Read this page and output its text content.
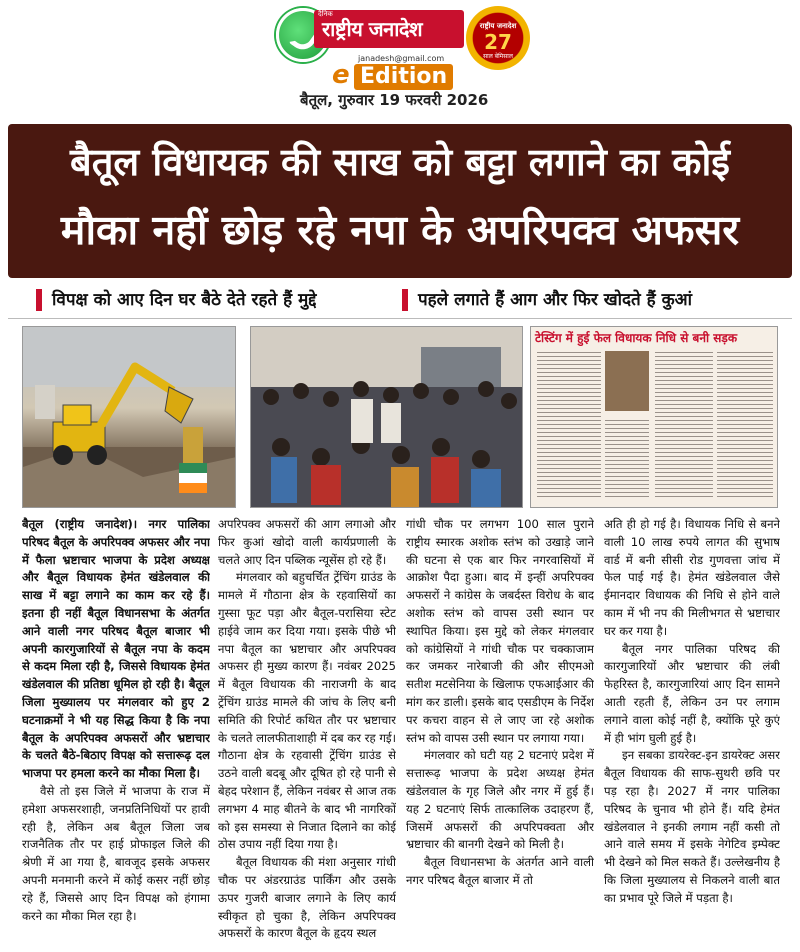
दैनिक
राष्ट्रीय जनादेश
janadesh@gmail.com
e Edition
राष्ट्रीय जनादेश
27
साल बेमिसाल
बैतूल, गुरुवार 19 फरवरी 2026
बैतूल विधायक की साख को बट्टा लगाने का कोई
मौका नहीं छोड़ रहे नपा के अपरिपक्व अफसर
विपक्ष को आए दिन घर बैठे देते रहते हैं मुद्दे	पहले लगाते हैं आग और फिर खोदते हैं कुआं
टेस्टिंग में हुई फेल विधायक निधि से बनी सड़क

बैतूल (राष्ट्रीय जनादेश)। नगर पालिका परिषद बैतूल के अपरिपक्व अफसर और नपा में फैला भ्रष्टाचार भाजपा के प्रदेश अध्यक्ष और बैतूल विधायक हेमंत खंडेलवाल की साख में बट्टा लगाने का काम कर रहे हैं। इतना ही नहीं बैतूल विधानसभा के अंतर्गत आने वाली नगर परिषद बैतूल बाजार भी अपनी कारगुजारियों से बैतूल नपा के कदम से कदम मिला रही है, जिससे विधायक हेमंत खंडेलवाल की प्रतिष्ठा धूमिल हो रही है। बैतूल जिला मुख्यालय पर मंगलवार को हुए 2 घटनाक्रमों ने भी यह सिद्ध किया है कि नपा बैतूल के अपरिपक्व अफसरों और भ्रष्टाचार के चलते बैठे-बिठाए विपक्ष को सत्तारूढ़ दल भाजपा पर हमला करने का मौका मिला है।

वैसे तो इस जिले में भाजपा के राज में हमेशा अफसरशाही, जनप्रतिनिधियों पर हावी रही है, लेकिन अब बैतूल जिला जब राजनैतिक तौर पर हाई प्रोफाइल जिले की श्रेणी में आ गया है, बावजूद इसके अफसर अपनी मनमानी करने में कोई कसर नहीं छोड़ रहे हैं, जिससे आए दिन विपक्ष को हंगामा करने का मौका मिल रहा है।

अपरिपक्व अफसरों की आग लगाओ और फिर कुआं खोदो वाली कार्यप्रणाली के चलते आए दिन पब्लिक न्यूसेंस हो रहे हैं।

मंगलवार को बहुचर्चित ट्रेंचिंग ग्राउंड के मामले में गौठाना क्षेत्र के रहवासियों का गुस्सा फूट पड़ा और बैतूल-परासिया स्टेट हाईवे जाम कर दिया गया। इसके पीछे भी नपा बैतूल का भ्रष्टाचार और अपरिपक्व अफसर ही मुख्य कारण हैं। नवंबर 2025 में बैतूल विधायक की नाराजगी के बाद ट्रेंचिंग ग्राउंड मामले की जांच के लिए बनी समिति की रिपोर्ट कथित तौर पर भ्रष्टाचार के चलते लालफीताशाही में दब कर रह गई। गौठाना क्षेत्र के रहवासी ट्रेंचिंग ग्राउंड से उठने वाली बदबू और दूषित हो रहे पानी से बेहद परेशान हैं, लेकिन नवंबर से आज तक लगभग 4 माह बीतने के बाद भी नागरिकों को इस समस्या से निजात दिलाने का कोई ठोस उपाय नहीं दिया गया है।

बैतूल विधायक की मंशा अनुसार गांधी चौक पर अंडरग्राउंड पार्किंग और उसके ऊपर गुजरी बाजार लगाने के लिए कार्य स्वीकृत हो चुका है, लेकिन अपरिपक्व अफसरों के कारण बैतूल के हृदय स्थल

गांधी चौक पर लगभग 100 साल पुराने राष्ट्रीय स्मारक अशोक स्तंभ को उखाड़े जाने की घटना से एक बार फिर नगरवासियों में आक्रोश पैदा हुआ। बाद में इन्हीं अपरिपक्व अफसरों ने कांग्रेस के जबर्दस्त विरोध के बाद अशोक स्तंभ को वापस उसी स्थान पर स्थापित किया। इस मुद्दे को लेकर मंगलवार को कांग्रेसियों ने गांधी चौक पर चक्काजाम कर जमकर नारेबाजी की और सीएमओ सतीश मटसेनिया के खिलाफ एफआईआर की मांग कर डाली। इसके बाद एसडीएम के निर्देश पर कचरा वाहन से ले जाए जा रहे अशोक स्तंभ को वापस उसी स्थान पर लगाया गया।

मंगलवार को घटी यह 2 घटनाएं प्रदेश में सत्तारूढ़ भाजपा के प्रदेश अध्यक्ष हेमंत खंडेलवाल के गृह जिले और नगर में हुई हैं। यह 2 घटनाएं सिर्फ तात्कालिक उदाहरण हैं, जिसमें अफसरों की अपरिपक्वता और भ्रष्टाचार की बानगी देखने को मिली है।

बैतूल विधानसभा के अंतर्गत आने वाली नगर परिषद बैतूल बाजार में तो

अति ही हो गई है। विधायक निधि से बनने वाली 10 लाख रुपये लागत की सुभाष वार्ड में बनी सीसी रोड गुणवत्ता जांच में फेल पाई गई है। हेमंत खंडेलवाल जैसे ईमानदार विधायक की निधि से होने वाले काम में भी नप की मिलीभगत से भ्रष्टाचार घर कर गया है।

बैतूल नगर पालिका परिषद की कारगुजारियों और भ्रष्टाचार की लंबी फेहरिस्त है, कारगुजारियां आए दिन सामने आती रहती हैं, लेकिन उन पर लगाम लगाने वाला कोई नहीं है, क्योंकि पूरे कुएं में ही भांग घुली हुई है।

इन सबका डायरेक्ट-इन डायरेक्ट असर बैतूल विधायक की साफ-सुथरी छवि पर पड़ रहा है। 2027 में नगर पालिका परिषद के चुनाव भी होने हैं। यदि हेमंत खंडेलवाल ने इनकी लगाम नहीं कसी तो आने वाले समय में इसके नेगेटिव इम्पेक्ट भी देखने को मिल सकते हैं। उल्लेखनीय है कि जिला मुख्यालय से निकलने वाली बात का प्रभाव पूरे जिले में पड़ता है।
